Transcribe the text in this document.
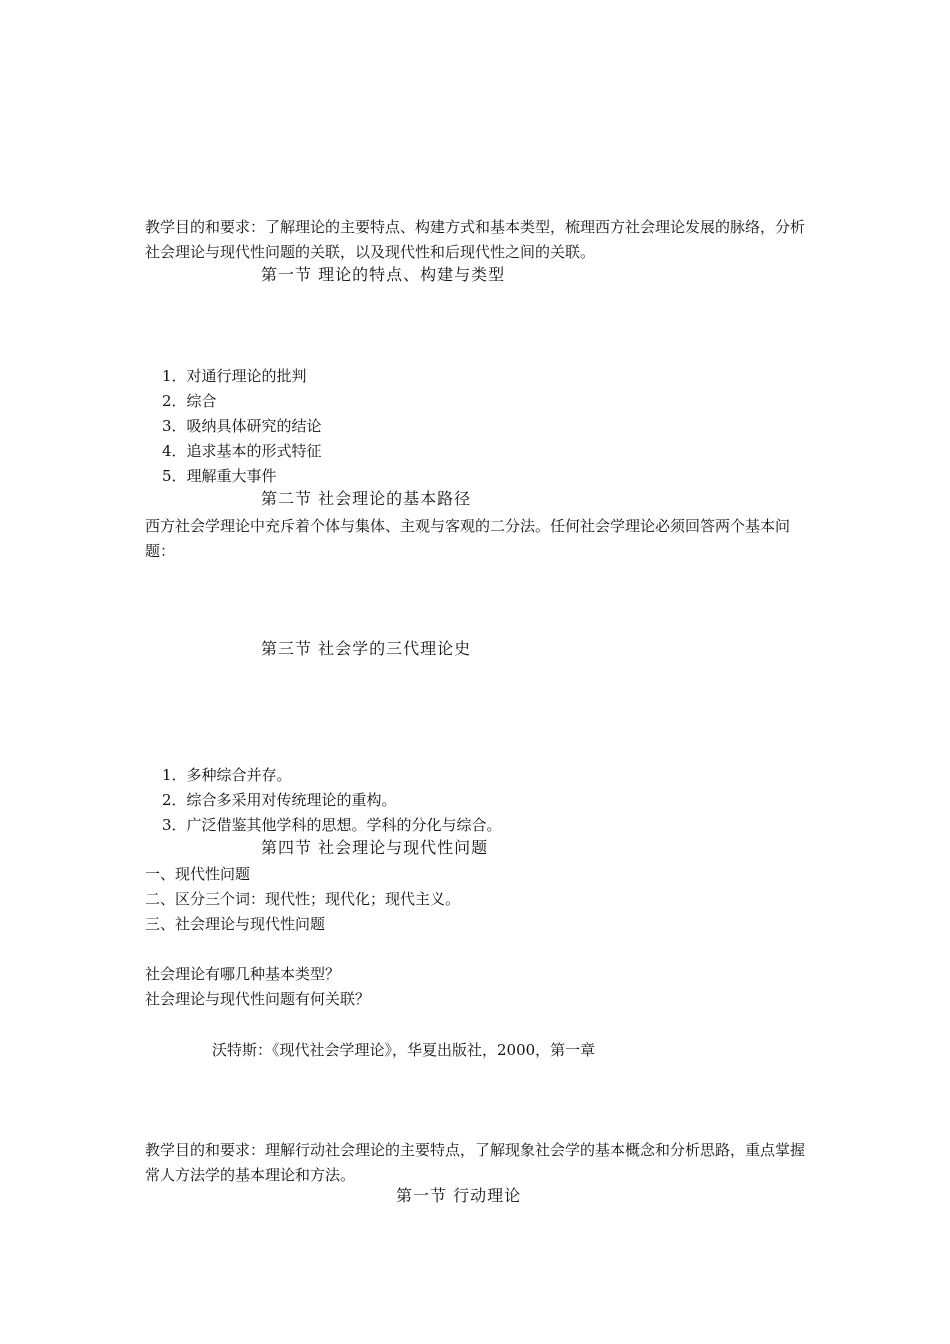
教学目的和要求：了解理论的主要特点、构建方式和基本类型，梳理西方社会理论发展的脉络，分析社会理论与现代性问题的关联，以及现代性和后现代性之间的关联。
第一节 理论的特点、构建与类型
1．对通行理论的批判
2．综合
3．吸纳具体研究的结论
4．追求基本的形式特征
5．理解重大事件
第二节 社会理论的基本路径
西方社会学理论中充斥着个体与集体、主观与客观的二分法。任何社会学理论必须回答两个基本问题：
第三节 社会学的三代理论史
1．多种综合并存。
2．综合多采用对传统理论的重构。
3．广泛借鉴其他学科的思想。学科的分化与综合。
第四节 社会理论与现代性问题
一、现代性问题
二、区分三个词：现代性；现代化；现代主义。
三、社会理论与现代性问题
社会理论有哪几种基本类型？
社会理论与现代性问题有何关联？
沃特斯：《现代社会学理论》，华夏出版社，2000，第一章
教学目的和要求：理解行动社会理论的主要特点，了解现象社会学的基本概念和分析思路，重点掌握常人方法学的基本理论和方法。
第一节 行动理论
